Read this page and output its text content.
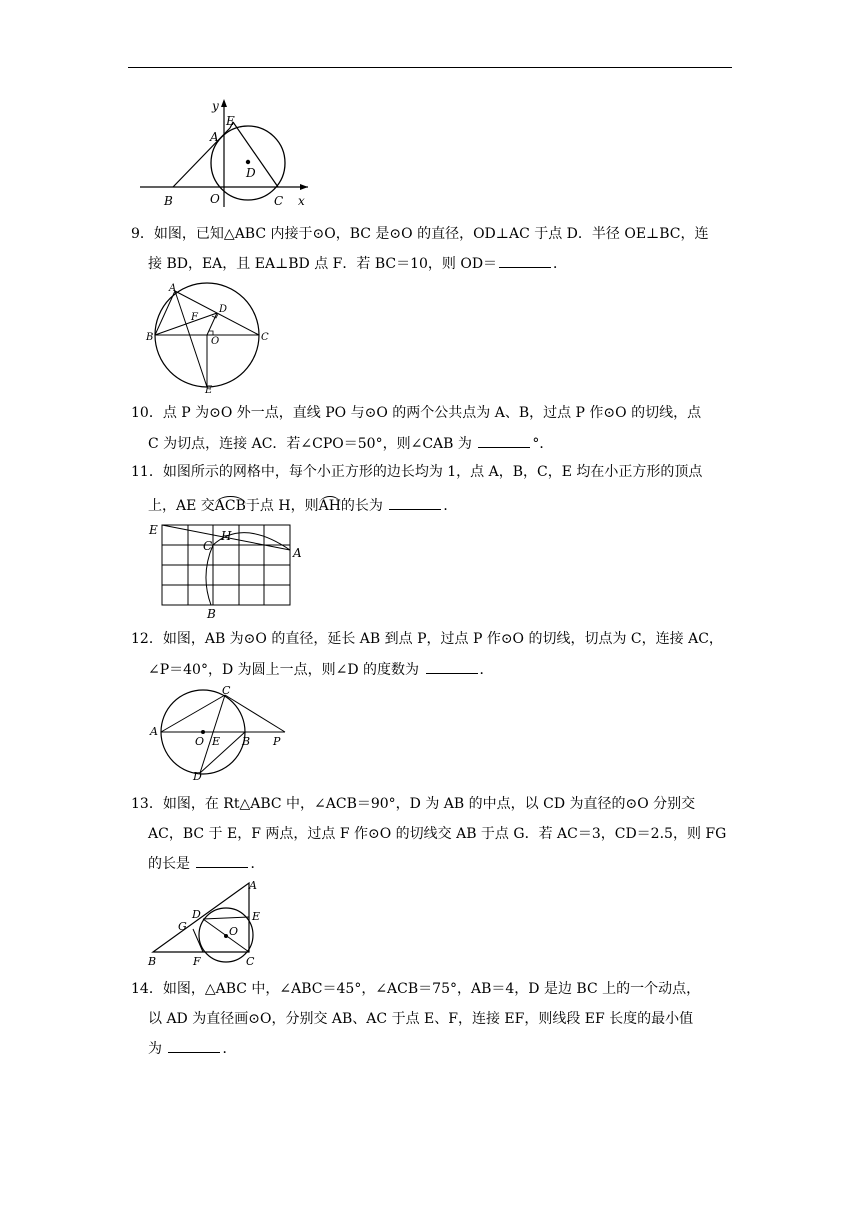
y
x
A
E
D
B	O	C
9．如图，已知△ABC 内接于⊙O，BC 是⊙O 的直径，OD⊥AC 于点 D．半径 OE⊥BC，连
接 BD，EA，且 EA⊥BD 点 F．若 BC＝10，则 OD＝	．
A
D
F
B	O	C
E
10．点 P 为⊙O 外一点，直线 PO 与⊙O 的两个公共点为 A、B，过点 P 作⊙O 的切线，点
C 为切点，连接 AC．若∠CPO＝50°，则∠CAB 为	°．
11．如图所示的网格中，每个小正方形的边长均为 1，点 A，B，C，E 均在小正方形的顶点
上，AE 交ACB于点 H，则AH的长为	．
E	H
C	A
B
12．如图，AB 为⊙O 的直径，延长 AB 到点 P，过点 P 作⊙O 的切线，切点为 C，连接 AC，
∠P＝40°，D 为圆上一点，则∠D 的度数为	．
C
A
O E B P
D
13．如图，在 Rt△ABC 中，∠ACB＝90°，D 为 AB 的中点，以 CD 为直径的⊙O 分别交
AC，BC 于 E，F 两点，过点 F 作⊙O 的切线交 AB 于点 G．若 AC＝3，CD＝2.5，则 FG
的长是	．
A
D	E
G	O
B	F	C
14．如图，△ABC 中，∠ABC＝45°，∠ACB＝75°，AB＝4，D 是边 BC 上的一个动点，
以 AD 为直径画⊙O，分别交 AB、AC 于点 E、F，连接 EF，则线段 EF 长度的最小值
为	．
